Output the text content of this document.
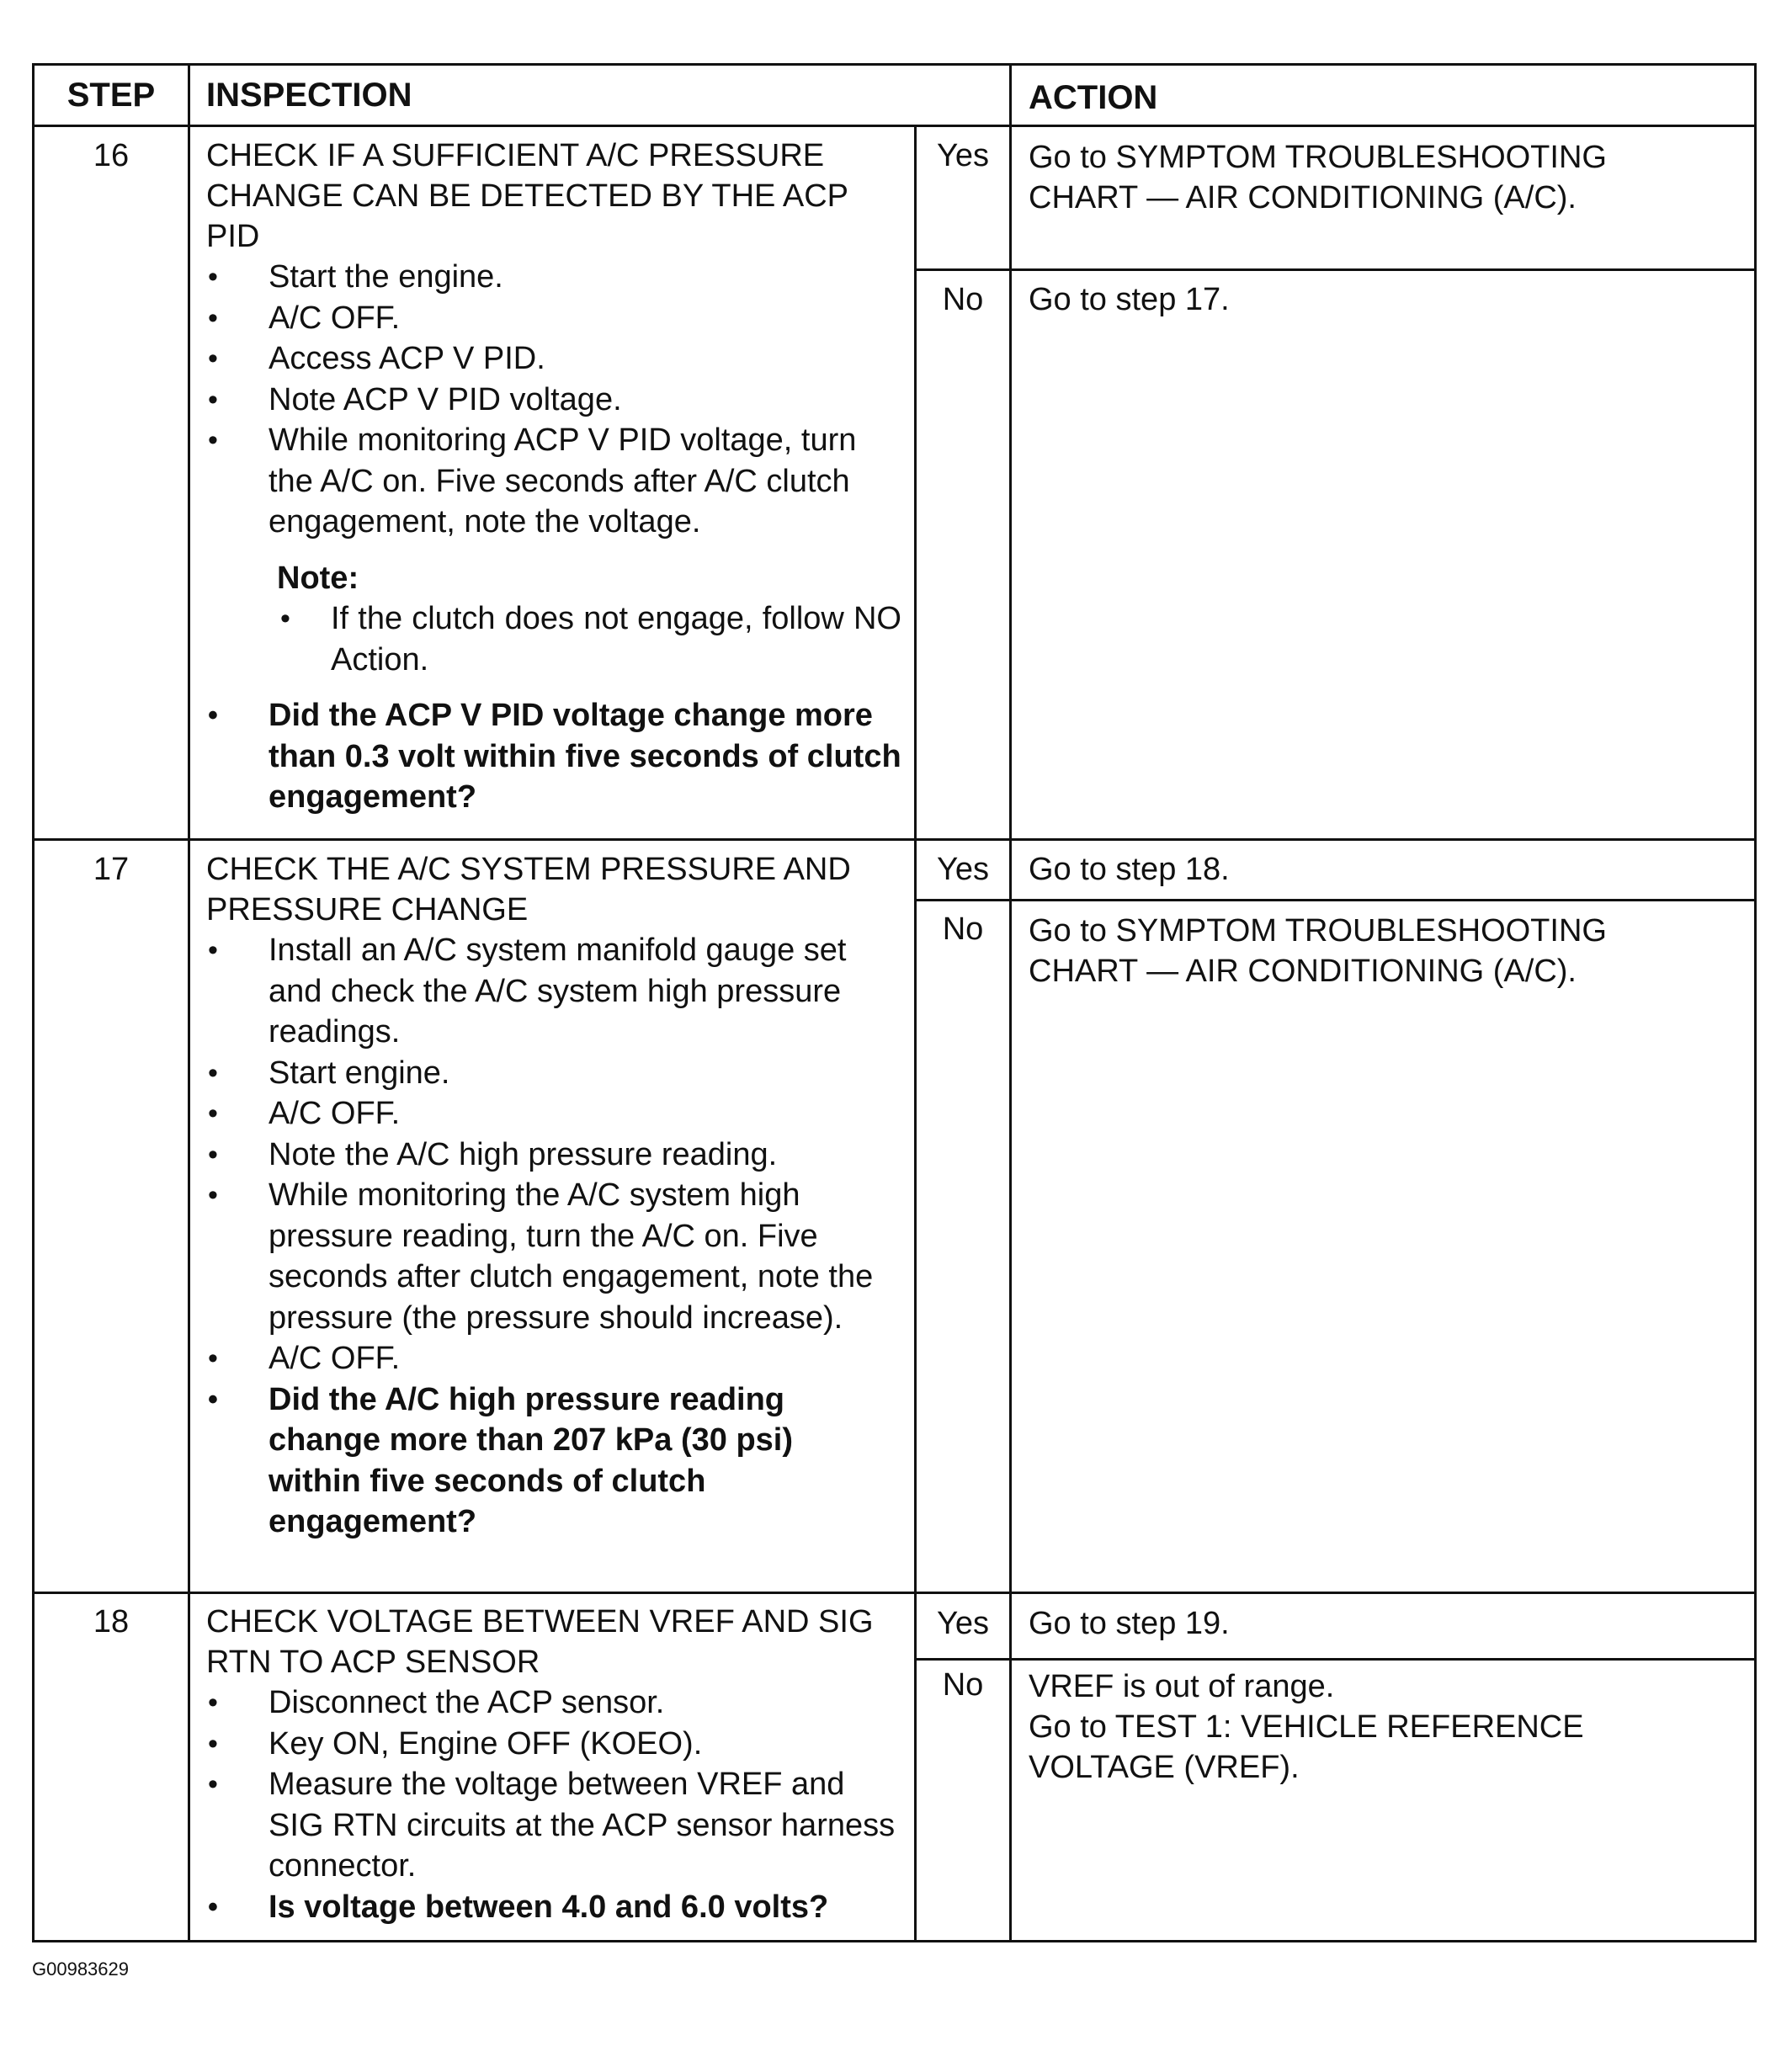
STEP	INSPECTION	ACTION
16	CHECK IF A SUFFICIENT A/C PRESSURE CHANGE CAN BE DETECTED BY THE ACP PID
• Start the engine.
• A/C OFF.
• Access ACP V PID.
• Note ACP V PID voltage.
• While monitoring ACP V PID voltage, turn the A/C on. Five seconds after A/C clutch engagement, note the voltage.
Note:
• If the clutch does not engage, follow NO Action.
• Did the ACP V PID voltage change more than 0.3 volt within five seconds of clutch engagement?
Yes	Go to SYMPTOM TROUBLESHOOTING
CHART — AIR CONDITIONING (A/C).
No	Go to step 17.
17	CHECK THE A/C SYSTEM PRESSURE AND PRESSURE CHANGE
• Install an A/C system manifold gauge set and check the A/C system high pressure readings.
• Start engine.
• A/C OFF.
• Note the A/C high pressure reading.
• While monitoring the A/C system high pressure reading, turn the A/C on. Five seconds after clutch engagement, note the pressure (the pressure should increase).
• A/C OFF.
• Did the A/C high pressure reading change more than 207 kPa (30 psi) within five seconds of clutch engagement?
Yes	Go to step 18.
No	Go to SYMPTOM TROUBLESHOOTING
CHART — AIR CONDITIONING (A/C).
18	CHECK VOLTAGE BETWEEN VREF AND SIG RTN TO ACP SENSOR
• Disconnect the ACP sensor.
• Key ON, Engine OFF (KOEO).
• Measure the voltage between VREF and SIG RTN circuits at the ACP sensor harness connector.
• Is voltage between 4.0 and 6.0 volts?
Yes	Go to step 19.
No	VREF is out of range.
Go to TEST 1: VEHICLE REFERENCE
VOLTAGE (VREF).
G00983629
